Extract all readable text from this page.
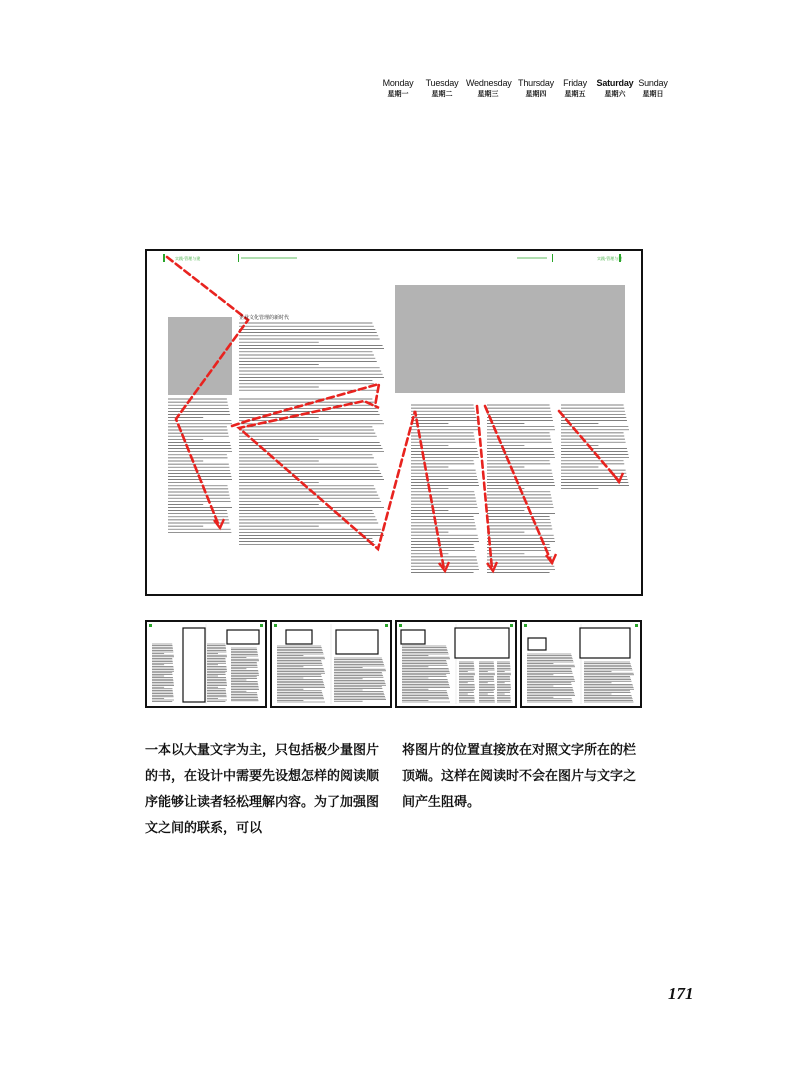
Monday
星期一
Tuesday
星期二
Wednesday
星期三
Thursday
星期四
Friday
星期五
Saturday
星期六
Sunday
星期日
实践·管理与建	实践·管理与建
企业文化管理的新时代
一本以大量文字为主，只包括极少量图片的书，在设计中需要先设想怎样的阅读顺序能够让读者轻松理解内容。为了加强图文之间的联系，可以
将图片的位置直接放在对照文字所在的栏顶端。这样在阅读时不会在图片与文字之间产生阻碍。
171
